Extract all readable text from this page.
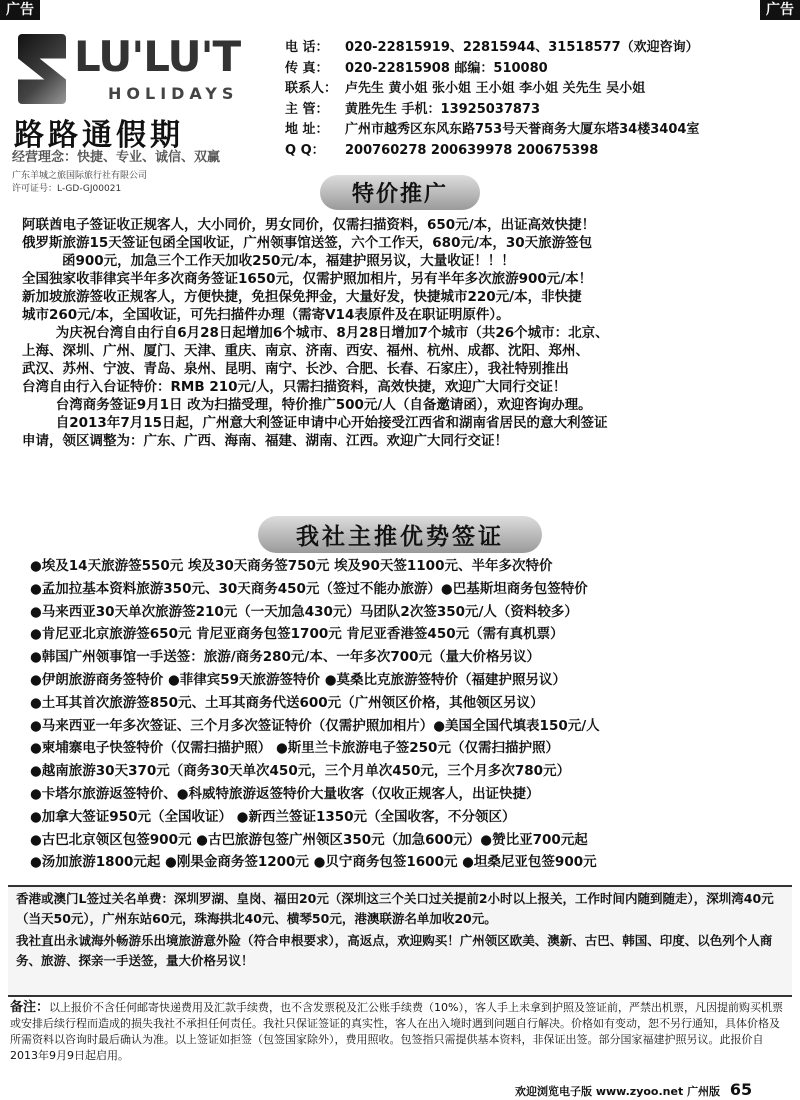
广告	广告
LU'LU'T
HOLIDAYS
路路通假期
经营理念：快捷、专业、诚信、双赢
广东羊城之旅国际旅行社有限公司
许可证号：L-GD-GJ00021
电 话：	020-22815919、22815944、31518577（欢迎咨询）
传 真：	020-22815908 邮编：510080
联系人： 卢先生 黄小姐 张小姐 王小姐 李小姐 关先生 吴小姐
主 管：	黄胜先生 手机：13925037873
地 址：	广州市越秀区东风东路753号天誉商务大厦东塔34楼3404室
Q Q：	200760278 200639978 200675398
特价推广

阿联酋电子签证收正规客人，大小同价，男女同价，仅需扫描资料，650元/本，出证高效快捷！

俄罗斯旅游15天签证包函全国收证，广州领事馆送签，六个工作天，680元/本，30天旅游签包

函900元，加急三个工作天加收250元/本，福建护照另议，大量收证！！！

全国独家收菲律宾半年多次商务签证1650元，仅需护照加相片，另有半年多次旅游900元/本！

新加坡旅游签收正规客人，方便快捷，免担保免押金，大量好发，快捷城市220元/本，非快捷

城市260元/本，全国收证，可先扫描件办理（需寄V14表原件及在职证明原件）。

为庆祝台湾自由行自6月28日起增加6个城市、8月28日增加7个城市（共26个城市：北京、

上海、深圳、广州、厦门、天津、重庆、南京、济南、西安、福州、杭州、成都、沈阳、郑州、

武汉、苏州、宁波、青岛、泉州、昆明、南宁、长沙、合肥、长春、石家庄），我社特别推出

台湾自由行入台证特价：RMB 210元/人，只需扫描资料，高效快捷，欢迎广大同行交证！

台湾商务签证9月1日 改为扫描受理，特价推广500元/人（自备邀请函），欢迎咨询办理。

自2013年7月15日起，广州意大利签证申请中心开始接受江西省和湖南省居民的意大利签证

申请，领区调整为：广东、广西、海南、福建、湖南、江西。欢迎广大同行交证！

我社主推优势签证
●埃及14天旅游签550元 埃及30天商务签750元 埃及90天签1100元、半年多次特价
●孟加拉基本资料旅游350元、30天商务450元（签过不能办旅游）●巴基斯坦商务包签特价
●马来西亚30天单次旅游签210元（一天加急430元）马团队2次签350元/人（资料较多）
●肯尼亚北京旅游签650元 肯尼亚商务包签1700元 肯尼亚香港签450元（需有真机票）
●韩国广州领事馆一手送签：旅游/商务280元/本、一年多次700元（量大价格另议）
●伊朗旅游商务签特价 ●菲律宾59天旅游签特价 ●莫桑比克旅游签特价（福建护照另议）
●土耳其首次旅游签850元、土耳其商务代送600元（广州领区价格，其他领区另议）
●马来西亚一年多次签证、三个月多次签证特价（仅需护照加相片）●美国全国代填表150元/人
●柬埔寨电子快签特价（仅需扫描护照） ●斯里兰卡旅游电子签250元（仅需扫描护照）
●越南旅游30天370元（商务30天单次450元，三个月单次450元，三个月多次780元）
●卡塔尔旅游返签特价、●科威特旅游返签特价大量收客（仅收正规客人，出证快捷）
●加拿大签证950元（全国收证） ●新西兰签证1350元（全国收客，不分领区）
●古巴北京领区包签900元 ●古巴旅游包签广州领区350元（加急600元）●赞比亚700元起
●汤加旅游1800元起 ●刚果金商务签1200元 ●贝宁商务包签1600元 ●坦桑尼亚包签900元

香港或澳门L签过关名单费：深圳罗湖、皇岗、福田20元（深圳这三个关口过关提前2小时以上报关，工作时间内随到随走），深圳湾40元（当天50元），广州东站60元，珠海拱北40元、横琴50元，港澳联游名单加收20元。

我社直出永诚海外畅游乐出境旅游意外险（符合申根要求），高返点，欢迎购买！广州领区欧美、澳新、古巴、韩国、印度、以色列个人商务、旅游、探亲一手送签，量大价格另议！

备注：以上报价不含任何邮寄快递费用及汇款手续费，也不含发票税及汇公账手续费（10%），客人手上未拿到护照及签证前，严禁出机票，凡因提前购买机票或安排后续行程而造成的损失我社不承担任何责任。我社只保证签证的真实性，客人在出入境时遇到问题自行解决。价格如有变动，恕不另行通知，具体价格及所需资料以咨询时最后确认为准。以上签证如拒签（包签国家除外），费用照收。包签指只需提供基本资料，非保证出签。部分国家福建护照另议。此报价自2013年9月9日起启用。
欢迎浏览电子版 www.zyoo.net 广州版 65
